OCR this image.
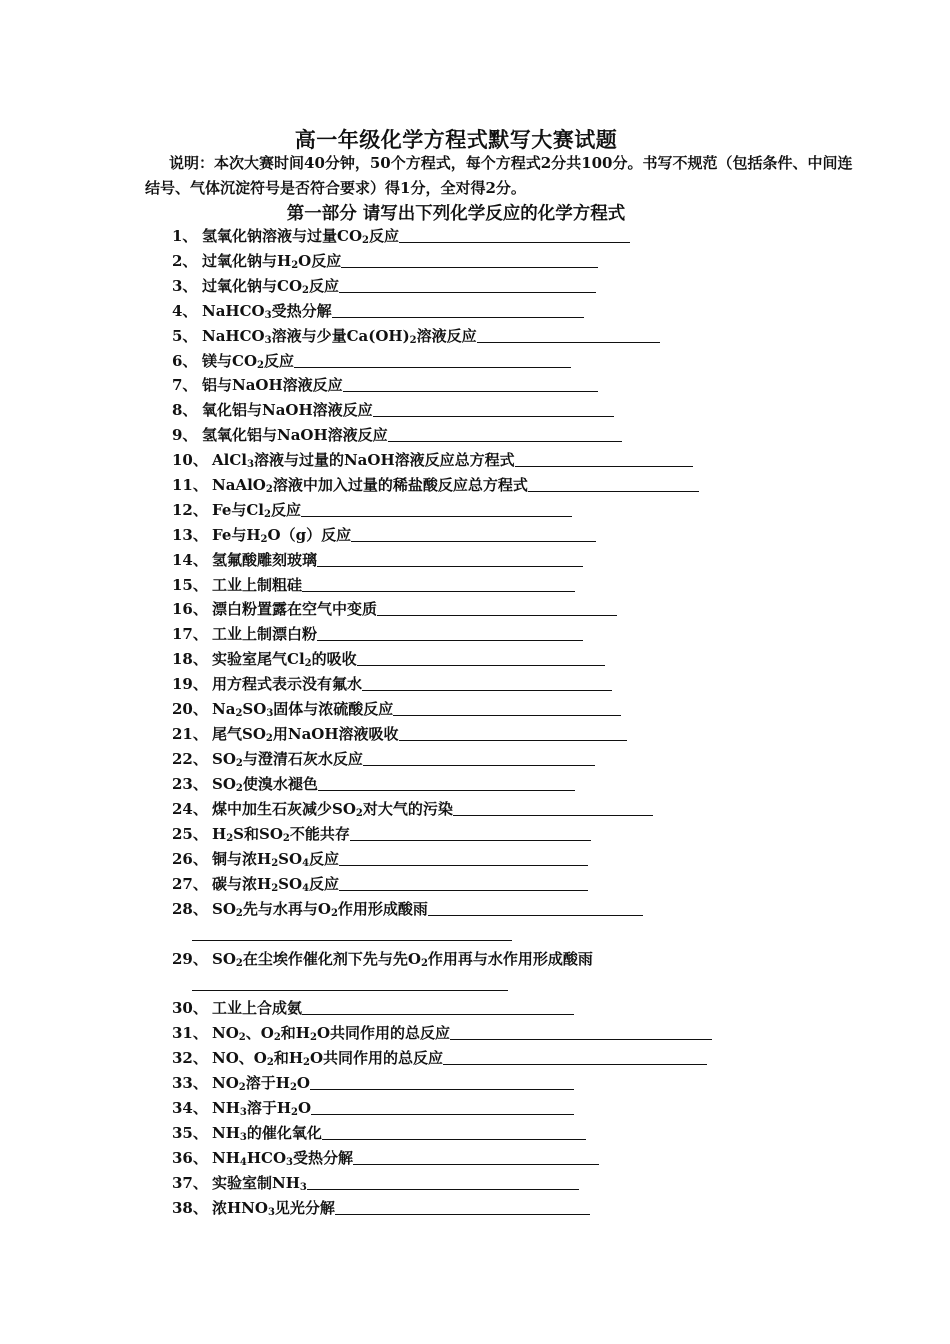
高一年级化学方程式默写大赛试题
说明：本次大赛时间40分钟，50个方程式，每个方程式2分共100分。书写不规范（包括条件、中间连结号、气体沉淀符号是否符合要求）得1分，全对得2分。
第一部分 请写出下列化学反应的化学方程式
1、 氢氧化钠溶液与过量$CO_2$反应
2、 过氧化钠与$H_2O$反应
3、 过氧化钠与$CO_2$反应
4、 NaHCO$_3$受热分解
5、 NaHCO$_3$溶液与少量$Ca(OH)_2$溶液反应
6、 镁与$CO_2$反应
7、 铝与NaOH溶液反应
8、 氧化铝与NaOH溶液反应
9、 氢氧化铝与NaOH溶液反应
10、 AlCl$_3$溶液与过量的NaOH溶液反应总方程式
11、 NaAlO$_2$溶液中加入过量的稀盐酸反应总方程式
12、 Fe与$Cl_2$反应
13、 Fe与$H_2O(g)$反应
14、 氢氟酸雕刻玻璃
15、 工业上制粗硅
16、 漂白粉置露在空气中变质
17、 工业上制漂白粉
18、 实验室尾气$Cl_2$的吸收
19、 用方程式表示没有氟水
20、 $Na_2SO_3$固体与浓硫酸反应
21、 尾气$SO_2$用NaOH溶液吸收
22、 $SO_2$与澄清石灰水反应
23、 $SO_2$使溴水褪色
24、 煤中加生石灰减少$SO_2$对大气的污染
25、 $H_2S$和$SO_2$不能共存
26、 铜与浓$H_2SO_4$反应
27、 碳与浓$H_2SO_4$反应
28、 $SO_2$先与水再与$O_2$作用形成酸雨
29、 $SO_2$在尘埃作催化剂下先与先$O_2$作用再与水作用形成酸雨
30、 工业上合成氨
31、 $NO_2$、$O_2$和$H_2O$共同作用的总反应
32、 NO、$O_2$和$H_2O$共同作用的总反应
33、 $NO_2$溶于$H_2O$
34、 $NH_3$溶于$H_2O$
35、 $NH_3$的催化氧化
36、 $NH_4HCO_3$受热分解
37、 实验室制$NH_3$
38、 浓$HNO_3$见光分解
